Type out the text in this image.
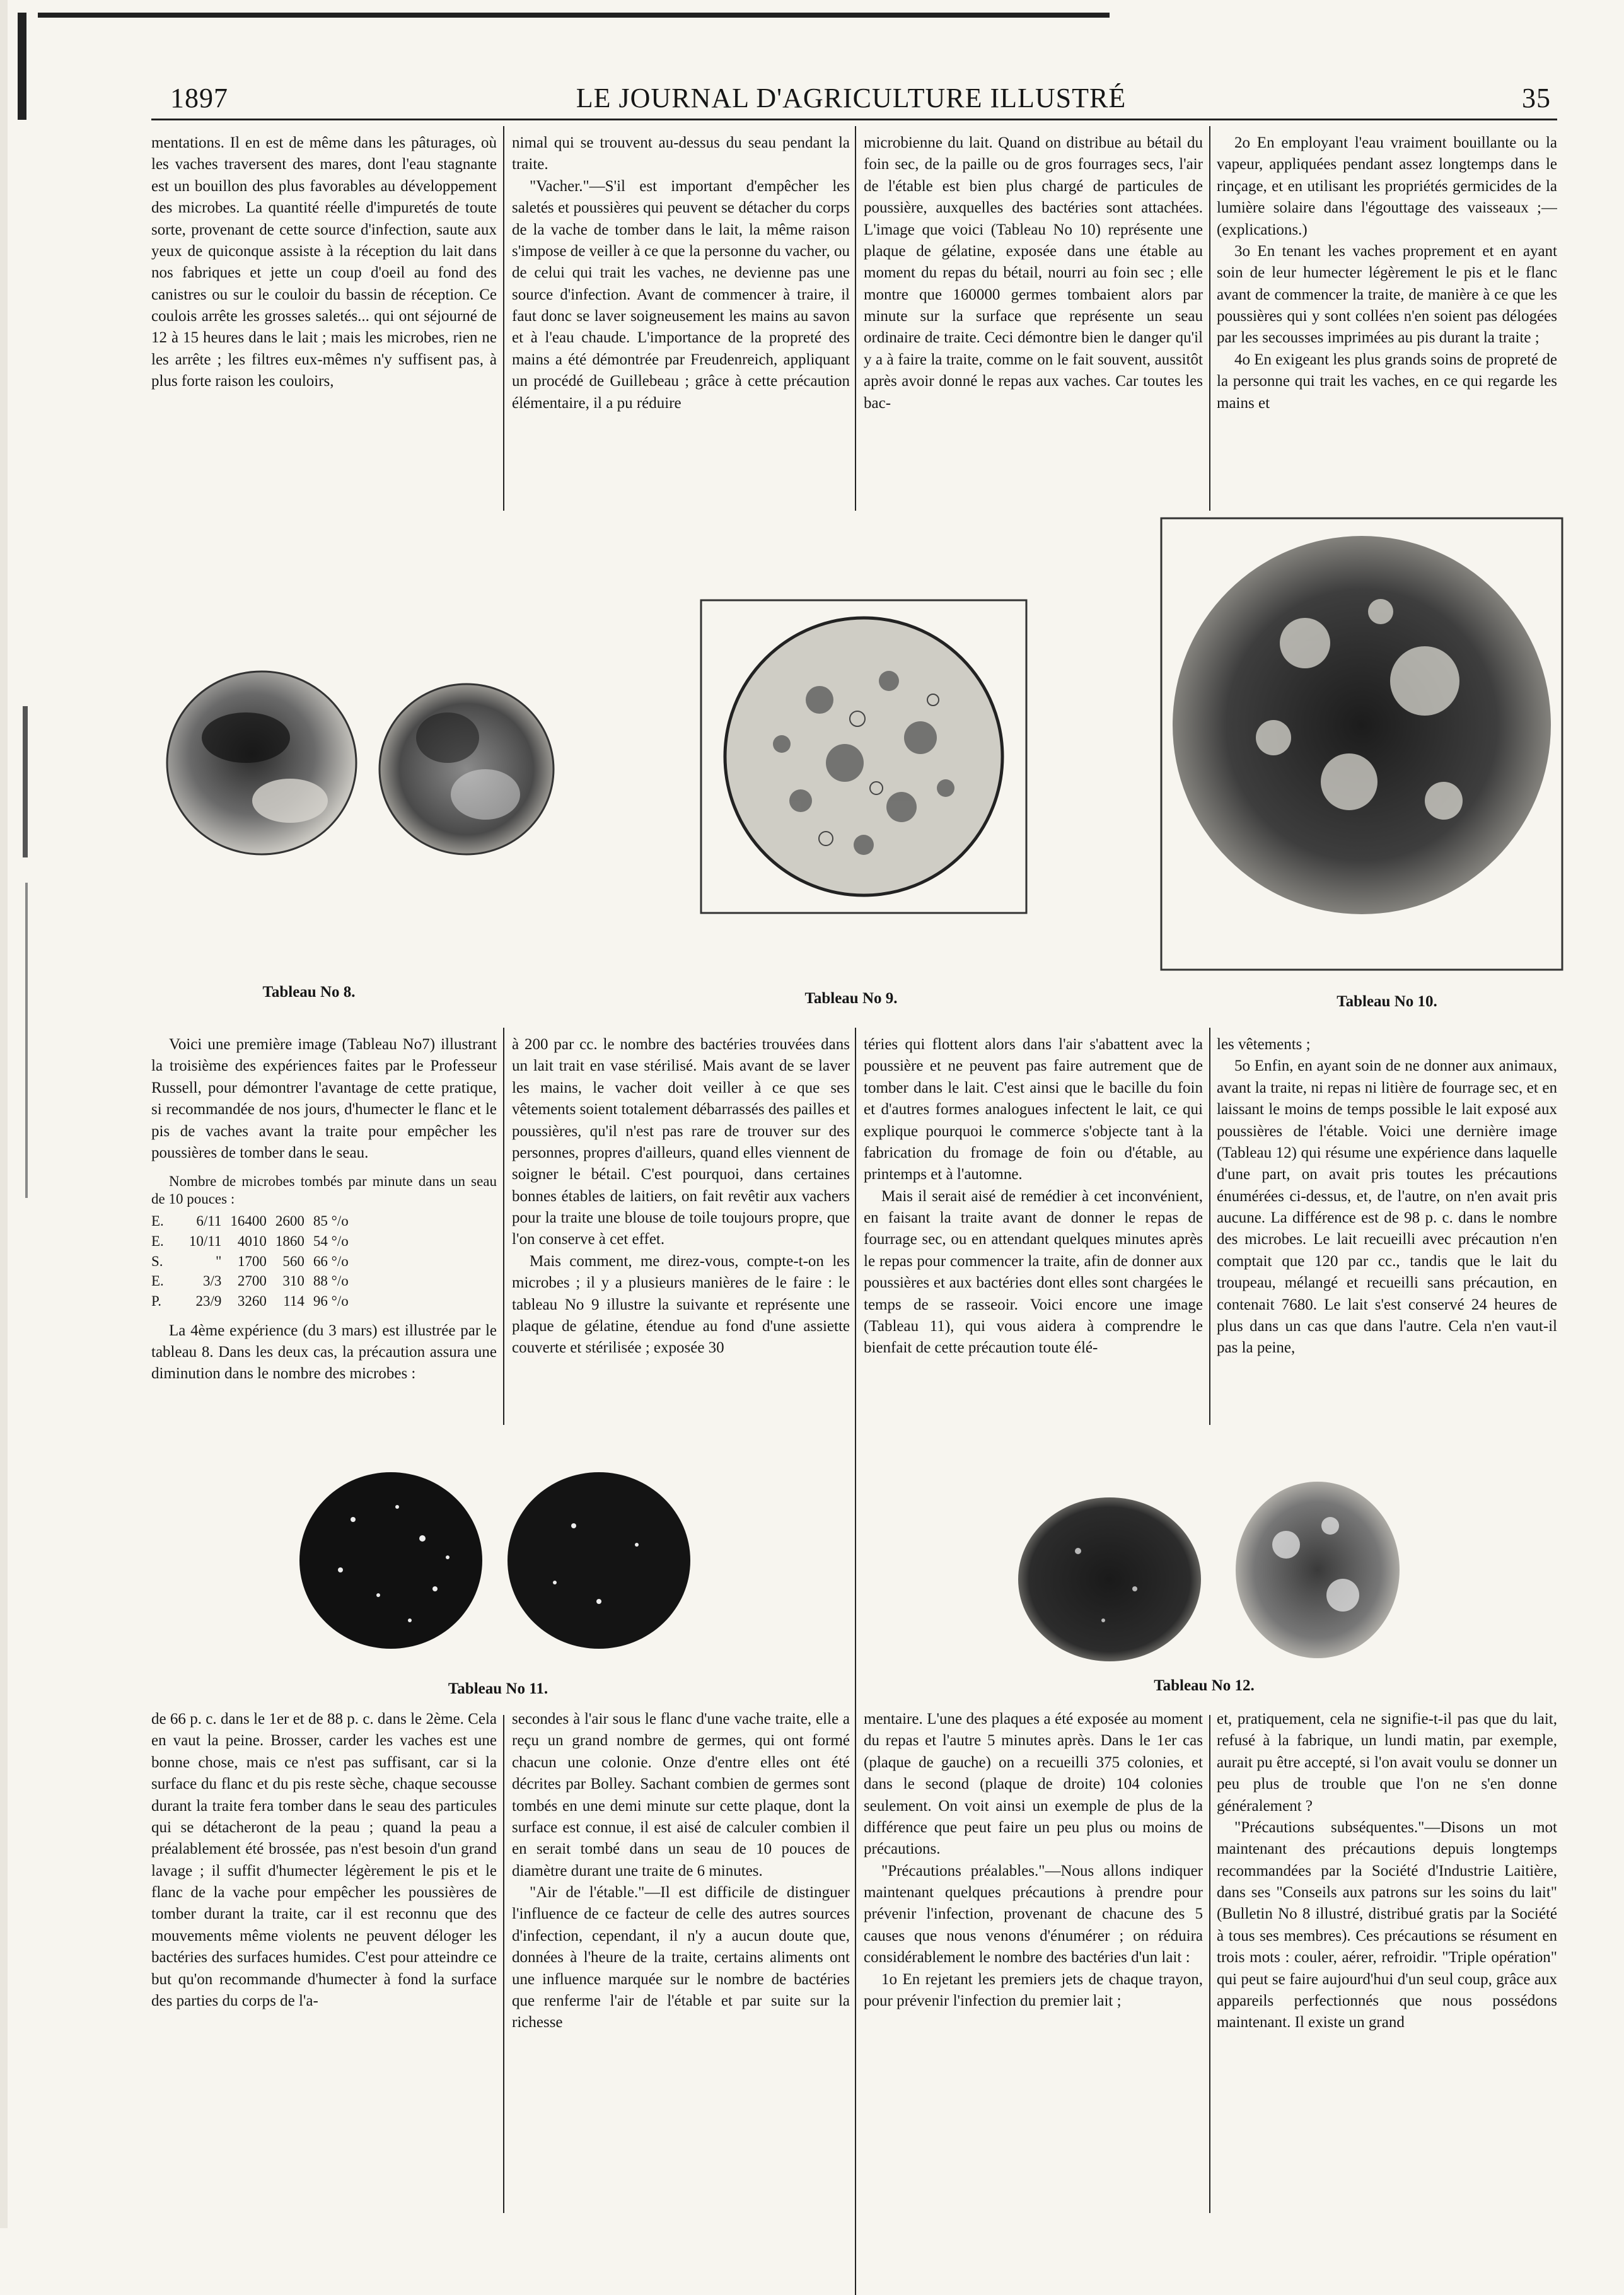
1897	LE JOURNAL D'AGRICULTURE ILLUSTRÉ	35

mentations. Il en est de même dans les pâturages, où les vaches traversent des mares, dont l'eau stagnante est un bouillon des plus favorables au développement des microbes. La quantité réelle d'impuretés de toute sorte, provenant de cette source d'infection, saute aux yeux de quiconque assiste à la réception du lait dans nos fabriques et jette un coup d'oeil au fond des canistres ou sur le couloir du bassin de réception. Ce coulois arrête les grosses saletés... qui ont séjourné de 12 à 15 heures dans le lait ; mais les microbes, rien ne les arrête ; les filtres eux-mêmes n'y suffisent pas, à plus forte raison les couloirs,

nimal qui se trouvent au-dessus du seau pendant la traite.

"Vacher."—S'il est important d'empêcher les saletés et poussières qui peuvent se détacher du corps de la vache de tomber dans le lait, la même raison s'impose de veiller à ce que la personne du vacher, ou de celui qui trait les vaches, ne devienne pas une source d'infection. Avant de commencer à traire, il faut donc se laver soigneusement les mains au savon et à l'eau chaude. L'importance de la propreté des mains a été démontrée par Freudenreich, appliquant un procédé de Guillebeau ; grâce à cette précaution élémentaire, il a pu réduire

microbienne du lait. Quand on distribue au bétail du foin sec, de la paille ou de gros fourrages secs, l'air de l'étable est bien plus chargé de particules de poussière, auxquelles des bactéries sont attachées. L'image que voici (Tableau No 10) représente une plaque de gélatine, exposée dans une étable au moment du repas du bétail, nourri au foin sec ; elle montre que 160000 germes tombaient alors par minute sur la surface que représente un seau ordinaire de traite. Ceci démontre bien le danger qu'il y a à faire la traite, comme on le fait souvent, aussitôt après avoir donné le repas aux vaches. Car toutes les bac-

2o En employant l'eau vraiment bouillante ou la vapeur, appliquées pendant assez longtemps dans le rinçage, et en utilisant les propriétés germicides de la lumière solaire dans l'égouttage des vaisseaux ;—(explications.)

3o En tenant les vaches proprement et en ayant soin de leur humecter légèrement le pis et le flanc avant de commencer la traite, de manière à ce que les poussières qui y sont collées n'en soient pas délogées par les secousses imprimées au pis durant la traite ;

4o En exigeant les plus grands soins de propreté de la personne qui trait les vaches, en ce qui regarde les mains et

Tableau No 8.	Tableau No 9.	Tableau No 10.

Voici une première image (Tableau No7) illustrant la troisième des expériences faites par le Professeur Russell, pour démontrer l'avantage de cette pratique, si recommandée de nos jours, d'humecter le flanc et le pis de vaches avant la traite pour empêcher les poussières de tomber dans le seau.

Nombre de microbes tombés par minute dans un seau de 10 pouces :

E.	6/11	16400	2600	85 °/o
E.	10/11	4010	1860	54 °/o
S.	"	1700	560	66 °/o
E.	3/3	2700	310	88 °/o
P.	23/9	3260	114	96 °/o

La 4ème expérience (du 3 mars) est illustrée par le tableau 8. Dans les deux cas, la précaution assura une diminution dans le nombre des microbes :

à 200 par cc. le nombre des bactéries trouvées dans un lait trait en vase stérilisé. Mais avant de se laver les mains, le vacher doit veiller à ce que ses vêtements soient totalement débarrassés des pailles et poussières, qu'il n'est pas rare de trouver sur des personnes, propres d'ailleurs, quand elles viennent de soigner le bétail. C'est pourquoi, dans certaines bonnes étables de laitiers, on fait revêtir aux vachers pour la traite une blouse de toile toujours propre, que l'on conserve à cet effet.

Mais comment, me direz-vous, compte-t-on les microbes ; il y a plusieurs manières de le faire : le tableau No 9 illustre la suivante et représente une plaque de gélatine, étendue au fond d'une assiette couverte et stérilisée ; exposée 30

téries qui flottent alors dans l'air s'abattent avec la poussière et ne peuvent pas faire autrement que de tomber dans le lait. C'est ainsi que le bacille du foin et d'autres formes analogues infectent le lait, ce qui explique pourquoi le commerce s'objecte tant à la fabrication du fromage de foin ou d'étable, au printemps et à l'automne.

Mais il serait aisé de remédier à cet inconvénient, en faisant la traite avant de donner le repas de fourrage sec, ou en attendant quelques minutes après le repas pour commencer la traite, afin de donner aux poussières et aux bactéries dont elles sont chargées le temps de se rasseoir. Voici encore une image (Tableau 11), qui vous aidera à comprendre le bienfait de cette précaution toute élé-

les vêtements ;

5o Enfin, en ayant soin de ne donner aux animaux, avant la traite, ni repas ni litière de fourrage sec, et en laissant le moins de temps possible le lait exposé aux poussières de l'étable. Voici une dernière image (Tableau 12) qui résume une expérience dans laquelle d'une part, on avait pris toutes les précautions énumérées ci-dessus, et, de l'autre, on n'en avait pris aucune. La différence est de 98 p. c. dans le nombre des microbes. Le lait recueilli avec précaution n'en comptait que 120 par cc., tandis que le lait du troupeau, mélangé et recueilli sans précaution, en contenait 7680. Le lait s'est conservé 24 heures de plus dans un cas que dans l'autre. Cela n'en vaut-il pas la peine,

Tableau No 11.	Tableau No 12.

de 66 p. c. dans le 1er et de 88 p. c. dans le 2ème. Cela en vaut la peine. Brosser, carder les vaches est une bonne chose, mais ce n'est pas suffisant, car si la surface du flanc et du pis reste sèche, chaque secousse durant la traite fera tomber dans le seau des particules qui se détacheront de la peau ; quand la peau a préalablement été brossée, pas n'est besoin d'un grand lavage ; il suffit d'humecter légèrement le pis et le flanc de la vache pour empêcher les poussières de tomber durant la traite, car il est reconnu que des mouvements même violents ne peuvent déloger les bactéries des surfaces humides. C'est pour atteindre ce but qu'on recommande d'humecter à fond la surface des parties du corps de l'a-

secondes à l'air sous le flanc d'une vache traite, elle a reçu un grand nombre de germes, qui ont formé chacun une colonie. Onze d'entre elles ont été décrites par Bolley. Sachant combien de germes sont tombés en une demi minute sur cette plaque, dont la surface est connue, il est aisé de calculer combien il en serait tombé dans un seau de 10 pouces de diamètre durant une traite de 6 minutes.

"Air de l'étable."—Il est difficile de distinguer l'influence de ce facteur de celle des autres sources d'infection, cependant, il n'y a aucun doute que, données à l'heure de la traite, certains aliments ont une influence marquée sur le nombre de bactéries que renferme l'air de l'étable et par suite sur la richesse

mentaire. L'une des plaques a été exposée au moment du repas et l'autre 5 minutes après. Dans le 1er cas (plaque de gauche) on a recueilli 375 colonies, et dans le second (plaque de droite) 104 colonies seulement. On voit ainsi un exemple de plus de la différence que peut faire un peu plus ou moins de précautions.

"Précautions préalables."—Nous allons indiquer maintenant quelques précautions à prendre pour prévenir l'infection, provenant de chacune des 5 causes que nous venons d'énumérer ; on réduira considérablement le nombre des bactéries d'un lait :

1o En rejetant les premiers jets de chaque trayon, pour prévenir l'infection du premier lait ;

et, pratiquement, cela ne signifie-t-il pas que du lait, refusé à la fabrique, un lundi matin, par exemple, aurait pu être accepté, si l'on avait voulu se donner un peu plus de trouble que l'on ne s'en donne généralement ?

"Précautions subséquentes."—Disons un mot maintenant des précautions depuis longtemps recommandées par la Société d'Industrie Laitière, dans ses "Conseils aux patrons sur les soins du lait" (Bulletin No 8 illustré, distribué gratis par la Société à tous ses membres). Ces précautions se résument en trois mots : couler, aérer, refroidir. "Triple opération" qui peut se faire aujourd'hui d'un seul coup, grâce aux appareils perfectionnés que nous possédons maintenant. Il existe un grand
